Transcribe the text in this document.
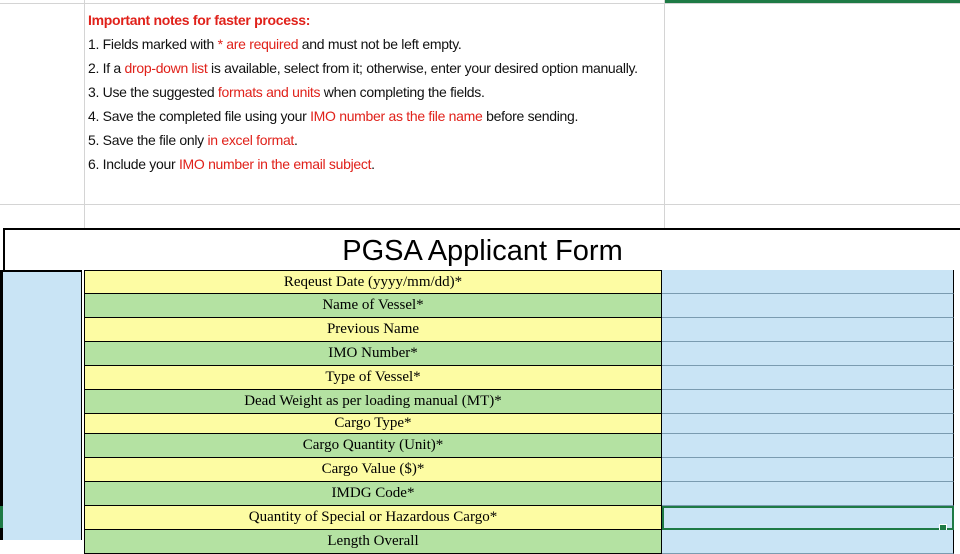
Important notes for faster process:

1. Fields marked with * are required and must not be left empty.

2. If a drop-down list is available, select from it; otherwise, enter your desired option manually.

3. Use the suggested formats and units when completing the fields.

4. Save the completed file using your IMO number as the file name before sending.

5. Save the file only in excel format.

6. Include your IMO number in the email subject.

PGSA Applicant Form
Reqeust Date (yyyy/mm/dd)*
Name of Vessel*
Previous Name
IMO Number*
Type of Vessel*
Dead Weight as per loading manual (MT)*
Cargo Type*
Cargo Quantity (Unit)*
Cargo Value ($)*
IMDG Code*
Quantity of Special or Hazardous Cargo*
Length Overall
